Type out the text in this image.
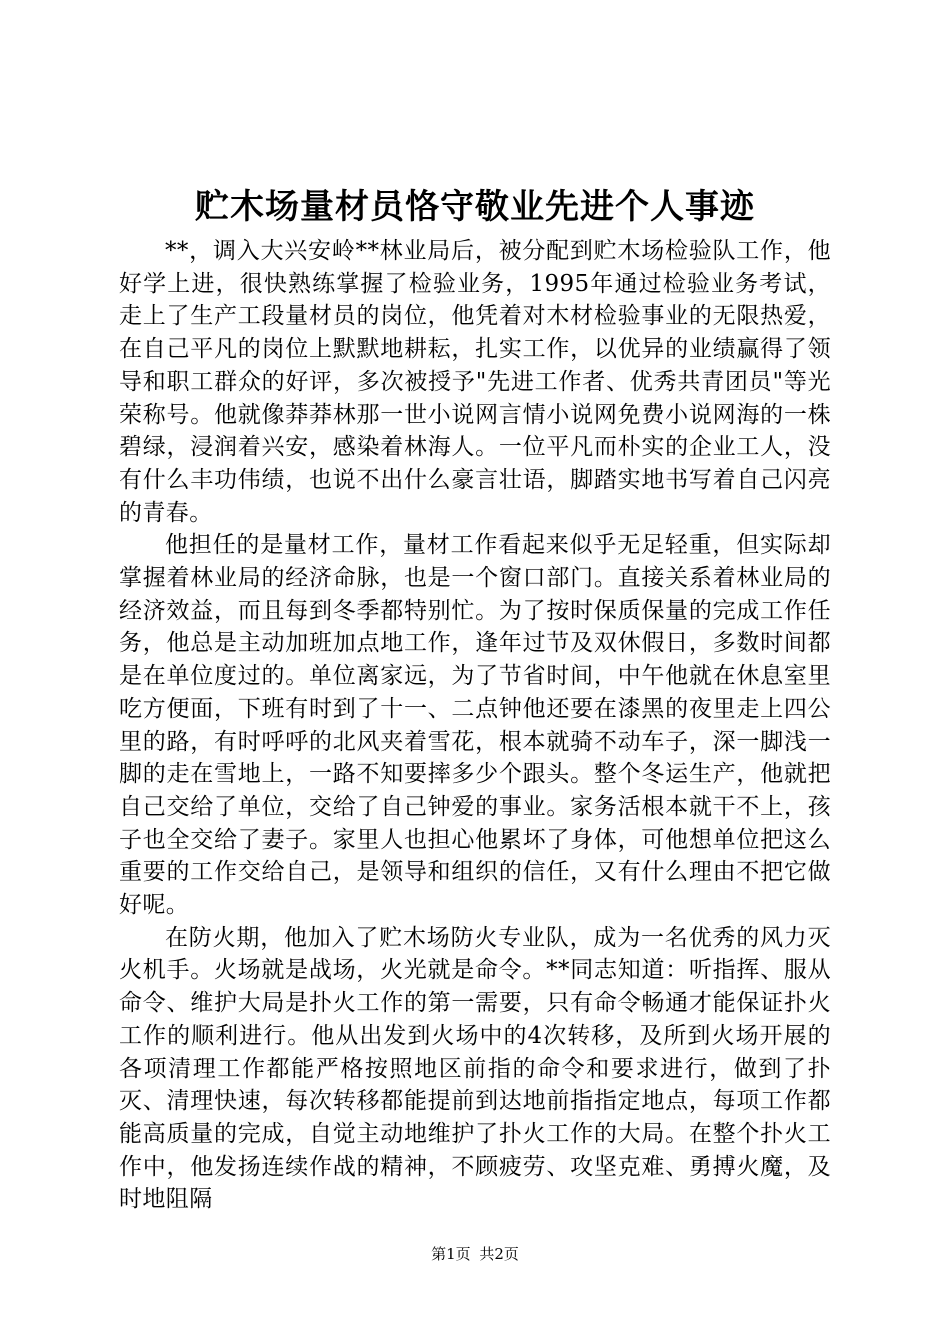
贮木场量材员恪守敬业先进个人事迹

**，调入大兴安岭**林业局后，被分配到贮木场检验队工作，他好学上进，很快熟练掌握了检验业务，1995年通过检验业务考试，走上了生产工段量材员的岗位，他凭着对木材检验事业的无限热爱，在自己平凡的岗位上默默地耕耘，扎实工作，以优异的业绩赢得了领导和职工群众的好评，多次被授予"先进工作者、优秀共青团员"等光荣称号。他就像莽莽林那一世小说网言情小说网免费小说网海的一株碧绿，浸润着兴安，感染着林海人。一位平凡而朴实的企业工人，没有什么丰功伟绩，也说不出什么豪言壮语，脚踏实地书写着自己闪亮的青春。

他担任的是量材工作，量材工作看起来似乎无足轻重，但实际却掌握着林业局的经济命脉，也是一个窗口部门。直接关系着林业局的经济效益，而且每到冬季都特别忙。为了按时保质保量的完成工作任务，他总是主动加班加点地工作，逢年过节及双休假日，多数时间都是在单位度过的。单位离家远，为了节省时间，中午他就在休息室里吃方便面，下班有时到了十一、二点钟他还要在漆黑的夜里走上四公里的路，有时呼呼的北风夹着雪花，根本就骑不动车子，深一脚浅一脚的走在雪地上，一路不知要摔多少个跟头。整个冬运生产，他就把自己交给了单位，交给了自己钟爱的事业。家务活根本就干不上，孩子也全交给了妻子。家里人也担心他累坏了身体，可他想单位把这么重要的工作交给自己，是领导和组织的信任，又有什么理由不把它做好呢。

在防火期，他加入了贮木场防火专业队，成为一名优秀的风力灭火机手。火场就是战场，火光就是命令。**同志知道：听指挥、服从命令、维护大局是扑火工作的第一需要，只有命令畅通才能保证扑火工作的顺利进行。他从出发到火场中的4次转移，及所到火场开展的各项清理工作都能严格按照地区前指的命令和要求进行，做到了扑灭、清理快速，每次转移都能提前到达地前指指定地点，每项工作都能高质量的完成，自觉主动地维护了扑火工作的大局。在整个扑火工作中，他发扬连续作战的精神，不顾疲劳、攻坚克难、勇搏火魔，及时地阻隔

第1页 共2页
